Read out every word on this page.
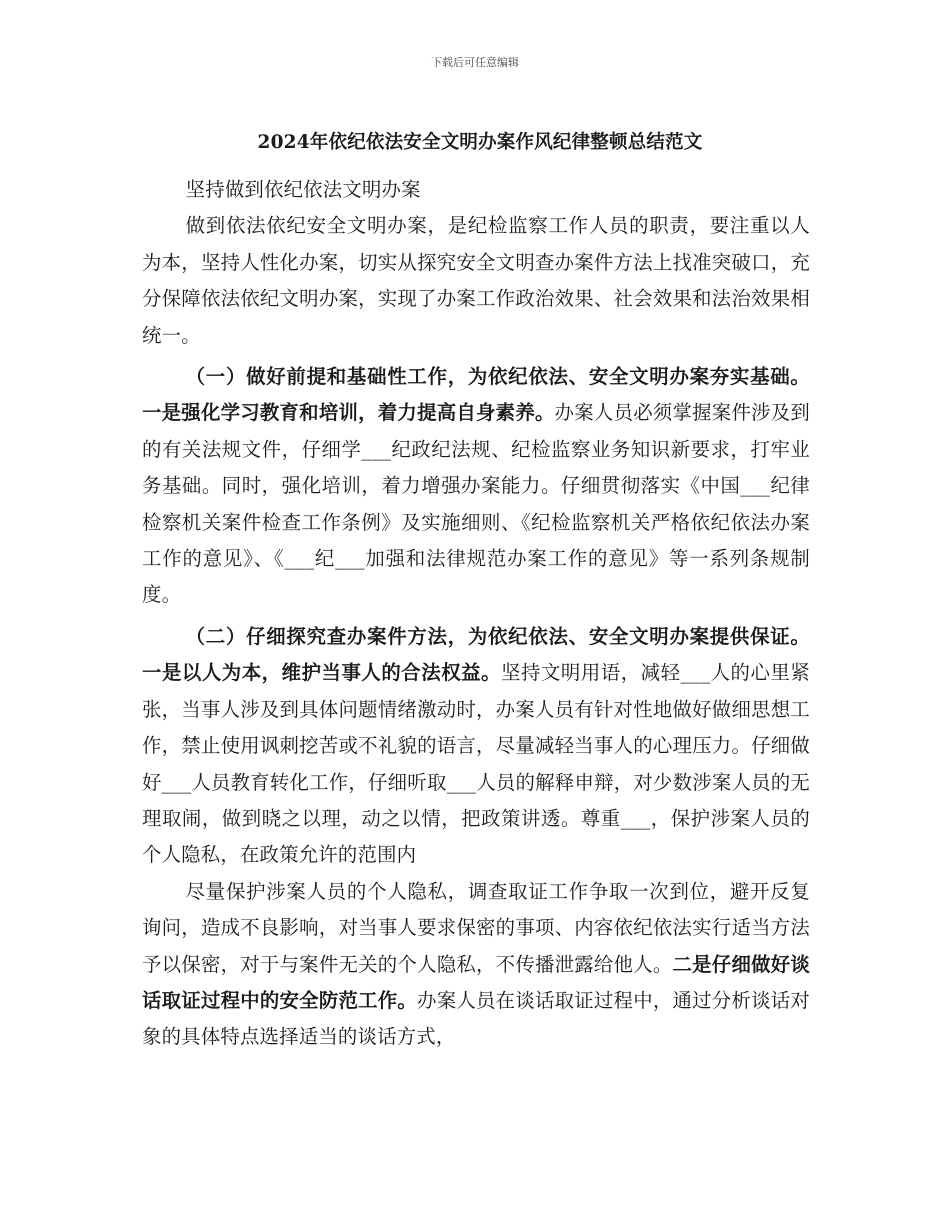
下载后可任意编辑
2024年依纪依法安全文明办案作风纪律整顿总结范文

坚持做到依纪依法文明办案

做到依法依纪安全文明办案，是纪检监察工作人员的职责，要注重以人为本，坚持人性化办案，切实从探究安全文明查办案件方法上找准突破口，充分保障依法依纪文明办案，实现了办案工作政治效果、社会效果和法治效果相统一。

（一）做好前提和基础性工作，为依纪依法、安全文明办案夯实基础。一是强化学习教育和培训，着力提高自身素养。办案人员必须掌握案件涉及到的有关法规文件，仔细学___纪政纪法规、纪检监察业务知识新要求，打牢业务基础。同时，强化培训，着力增强办案能力。仔细贯彻落实《中国___纪律检察机关案件检查工作条例》及实施细则、《纪检监察机关严格依纪依法办案工作的意见》、《___纪___加强和法律规范办案工作的意见》等一系列条规制度。

（二）仔细探究查办案件方法，为依纪依法、安全文明办案提供保证。一是以人为本，维护当事人的合法权益。坚持文明用语，减轻___人的心里紧张，当事人涉及到具体问题情绪激动时，办案人员有针对性地做好做细思想工作，禁止使用讽刺挖苦或不礼貌的语言，尽量减轻当事人的心理压力。仔细做好___人员教育转化工作，仔细听取___人员的解释申辩，对少数涉案人员的无理取闹，做到晓之以理，动之以情，把政策讲透。尊重___，保护涉案人员的个人隐私，在政策允许的范围内

尽量保护涉案人员的个人隐私，调查取证工作争取一次到位，避开反复询问，造成不良影响，对当事人要求保密的事项、内容依纪依法实行适当方法予以保密，对于与案件无关的个人隐私，不传播泄露给他人。二是仔细做好谈话取证过程中的安全防范工作。办案人员在谈话取证过程中，通过分析谈话对象的具体特点选择适当的谈话方式，
